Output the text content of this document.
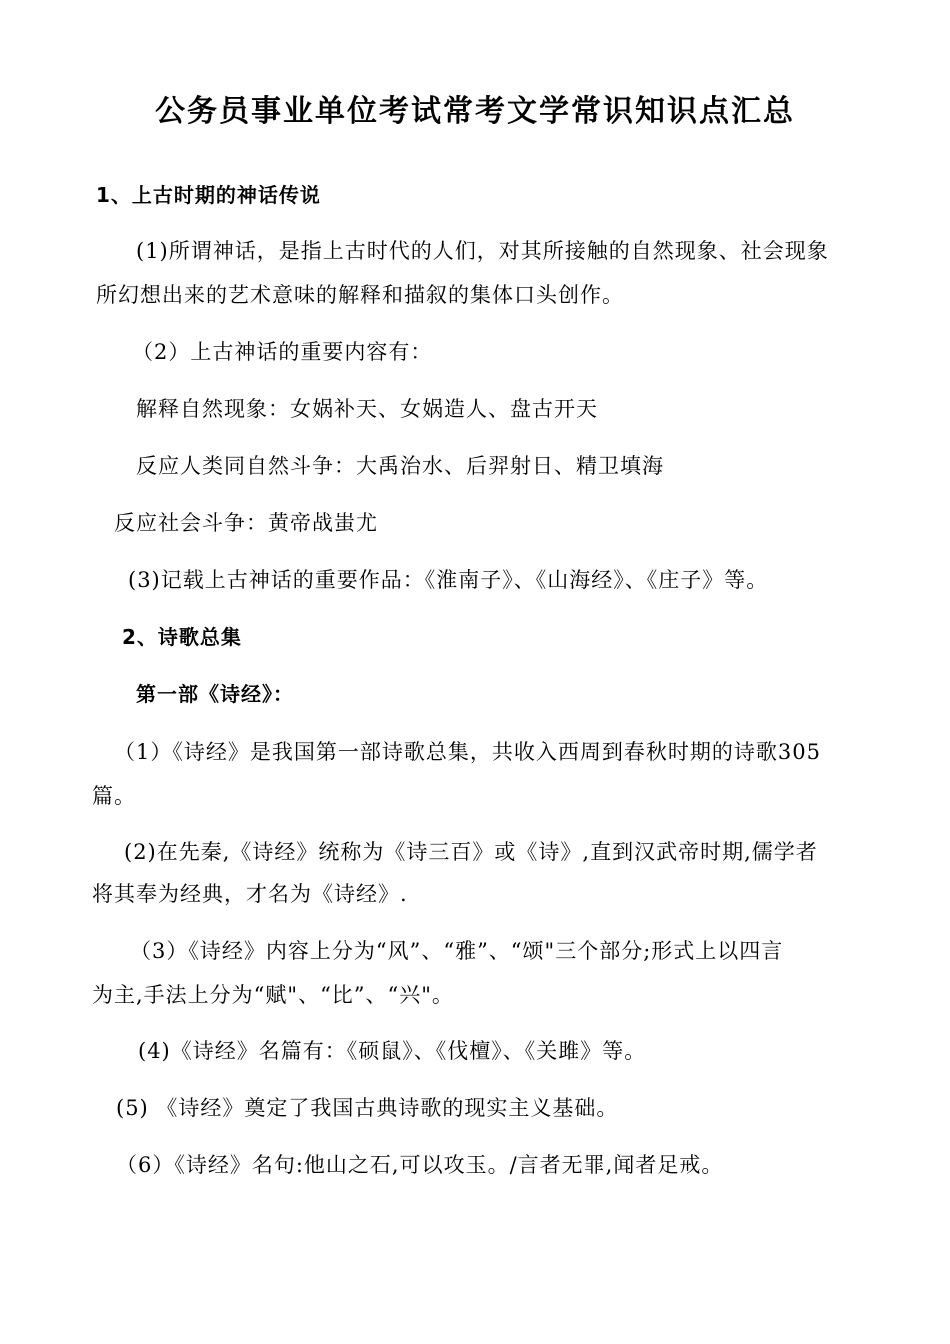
公务员事业单位考试常考文学常识知识点汇总
1、上古时期的神话传说
(1)所谓神话，是指上古时代的人们，对其所接触的自然现象、社会现象
所幻想出来的艺术意味的解释和描叙的集体口头创作。
（2）上古神话的重要内容有：
解释自然现象：女娲补天、女娲造人、盘古开天
反应人类同自然斗争：大禹治水、后羿射日、精卫填海
反应社会斗争：黄帝战蚩尤
(3)记载上古神话的重要作品：《淮南子》、《山海经》、《庄子》等。
2、诗歌总集
第一部《诗经》：
（1）《诗经》是我国第一部诗歌总集，共收入西周到春秋时期的诗歌305
篇。
(2)在先秦,《诗经》统称为《诗三百》或《诗》,直到汉武帝时期,儒学者
将其奉为经典，才名为《诗经》.
（3）《诗经》内容上分为“风”、“雅”、“颂"三个部分;形式上以四言
为主,手法上分为“赋"、“比”、“兴"。
(4)《诗经》名篇有：《硕鼠》、《伐檀》、《关雎》等。
(5) 《诗经》奠定了我国古典诗歌的现实主义基础。
（6）《诗经》名句:他山之石,可以攻玉。/言者无罪,闻者足戒。
